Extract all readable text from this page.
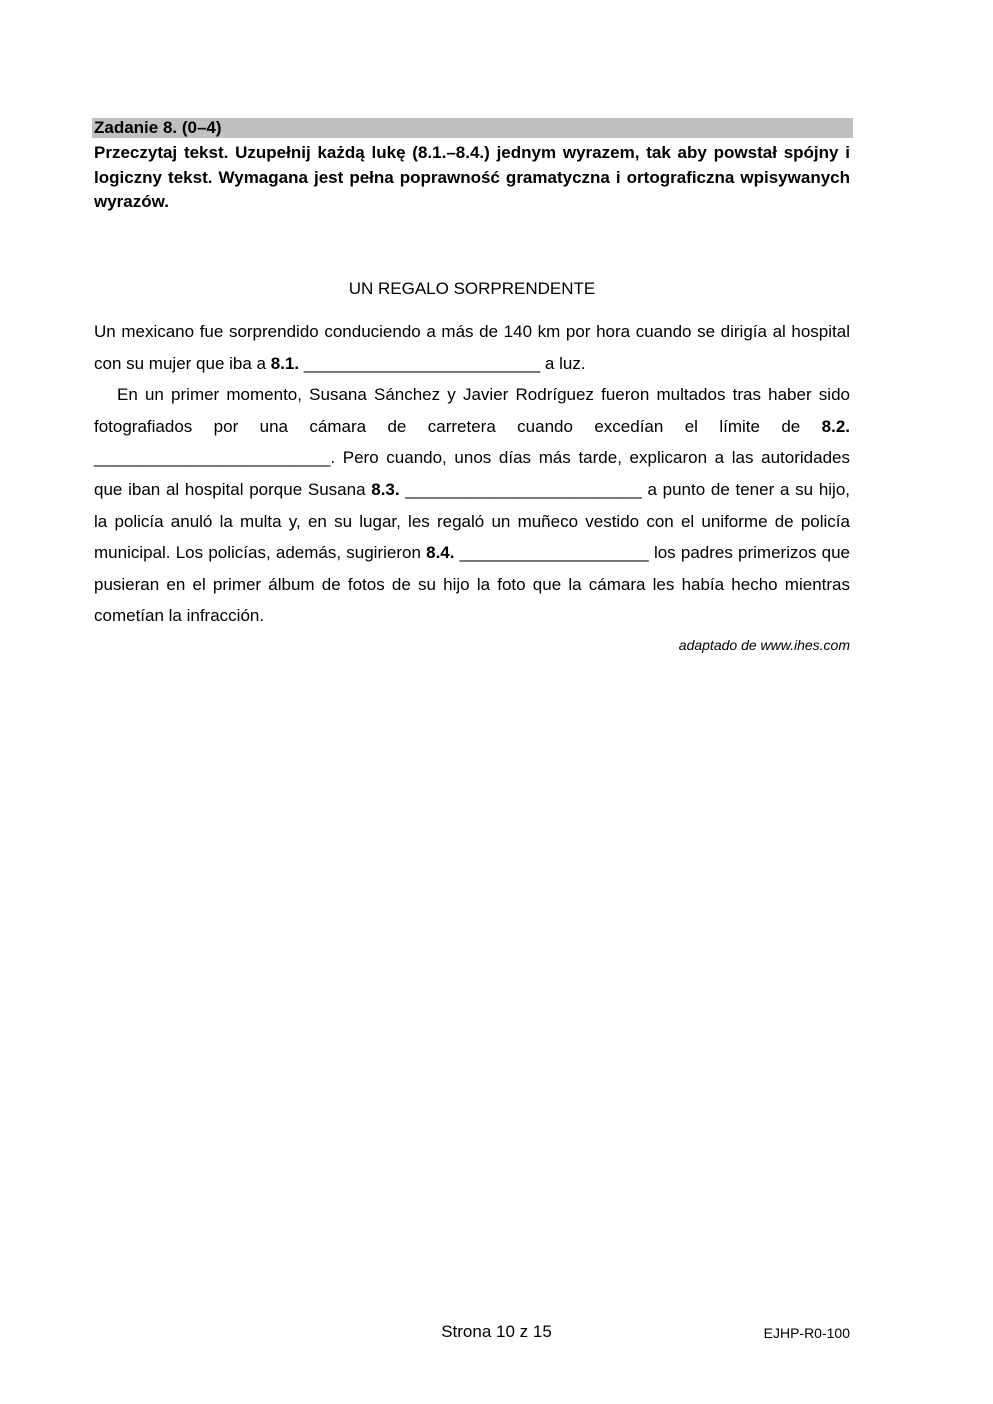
Zadanie 8. (0–4)
Przeczytaj tekst. Uzupełnij każdą lukę (8.1.–8.4.) jednym wyrazem, tak aby powstał spójny i logiczny tekst. Wymagana jest pełna poprawność gramatyczna i ortograficzna wpisywanych wyrazów.
UN REGALO SORPRENDENTE

Un mexicano fue sorprendido conduciendo a más de 140 km por hora cuando se dirigía al hospital con su mujer que iba a 8.1. _________________________ a luz.

En un primer momento, Susana Sánchez y Javier Rodríguez fueron multados tras haber sido fotografiados por una cámara de carretera cuando excedían el límite de 8.2. _________________________. Pero cuando, unos días más tarde, explicaron a las autoridades que iban al hospital porque Susana 8.3. _________________________ a punto de tener a su hijo, la policía anuló la multa y, en su lugar, les regaló un muñeco vestido con el uniforme de policía municipal. Los policías, además, sugirieron 8.4. ____________________ los padres primerizos que pusieran en el primer álbum de fotos de su hijo la foto que la cámara les había hecho mientras cometían la infracción.

adaptado de www.ihes.com
Strona 10 z 15	EJHP-R0-100
